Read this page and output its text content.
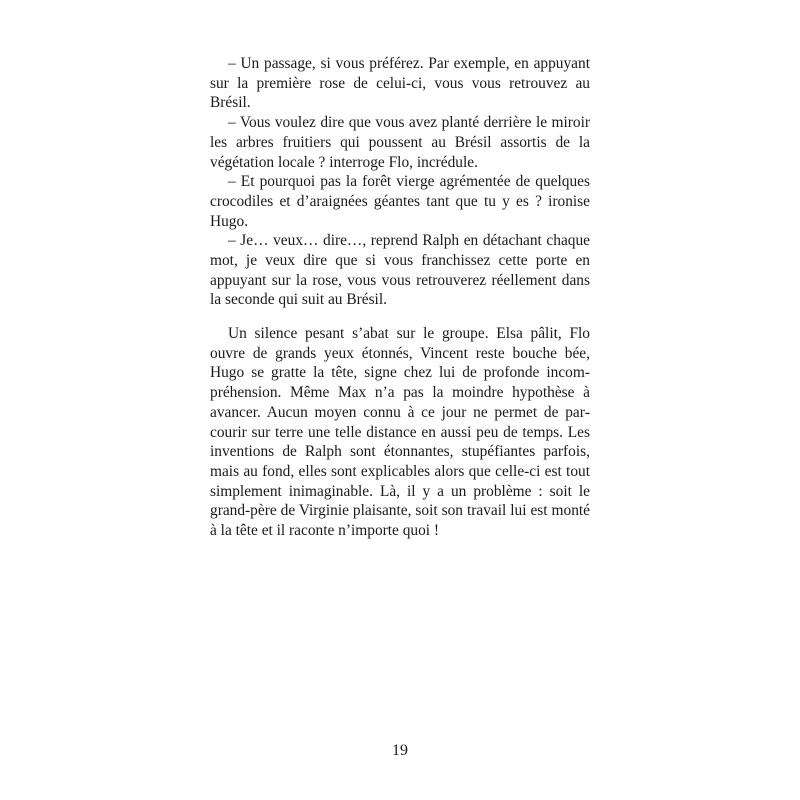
– Un passage, si vous préférez. Par exemple, en appuyant sur la première rose de celui-ci, vous vous retrouvez au Brésil.

– Vous voulez dire que vous avez planté derrière le miroir les arbres fruitiers qui poussent au Brésil assortis de la végétation locale ? interroge Flo, incrédule.

– Et pourquoi pas la forêt vierge agrémentée de quelques crocodiles et d’araignées géantes tant que tu y es ? ironise Hugo.

– Je… veux… dire…, reprend Ralph en détachant chaque mot, je veux dire que si vous franchissez cette porte en appuyant sur la rose, vous vous retrouverez réellement dans la seconde qui suit au Brésil.

Un silence pesant s’abat sur le groupe. Elsa pâlit, Flo ouvre de grands yeux étonnés, Vincent reste bouche bée, Hugo se gratte la tête, signe chez lui de profonde incompréhension. Même Max n’a pas la moindre hypothèse à avancer. Aucun moyen connu à ce jour ne permet de parcourir sur terre une telle distance en aussi peu de temps. Les inventions de Ralph sont étonnantes, stupéfiantes parfois, mais au fond, elles sont explicables alors que celle-ci est tout simplement inimaginable. Là, il y a un problème : soit le grand-père de Virginie plaisante, soit son travail lui est monté à la tête et il raconte n’importe quoi !

19
